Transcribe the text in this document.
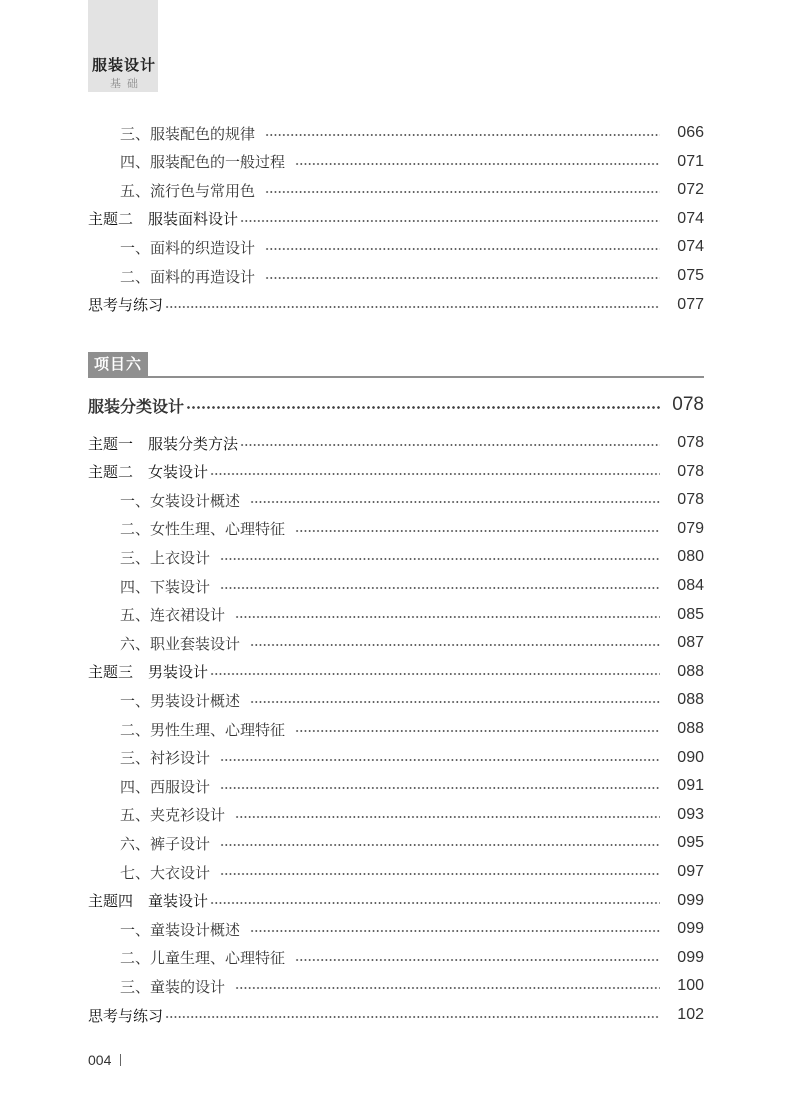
服装设计
基础
三、服装配色的规律	066
四、服装配色的一般过程	071
五、流行色与常用色	072
主题二　服装面料设计	074
一、面料的织造设计	074
二、面料的再造设计	075
思考与练习	077
项目六
服装分类设计	078
主题一　服装分类方法	078
主题二　女装设计	078
一、女装设计概述	078
二、女性生理、心理特征	079
三、上衣设计	080
四、下装设计	084
五、连衣裙设计	085
六、职业套装设计	087
主题三　男装设计	088
一、男装设计概述	088
二、男性生理、心理特征	088
三、衬衫设计	090
四、西服设计	091
五、夹克衫设计	093
六、裤子设计	095
七、大衣设计	097
主题四　童装设计	099
一、童装设计概述	099
二、儿童生理、心理特征	099
三、童装的设计	100
思考与练习	102
004
